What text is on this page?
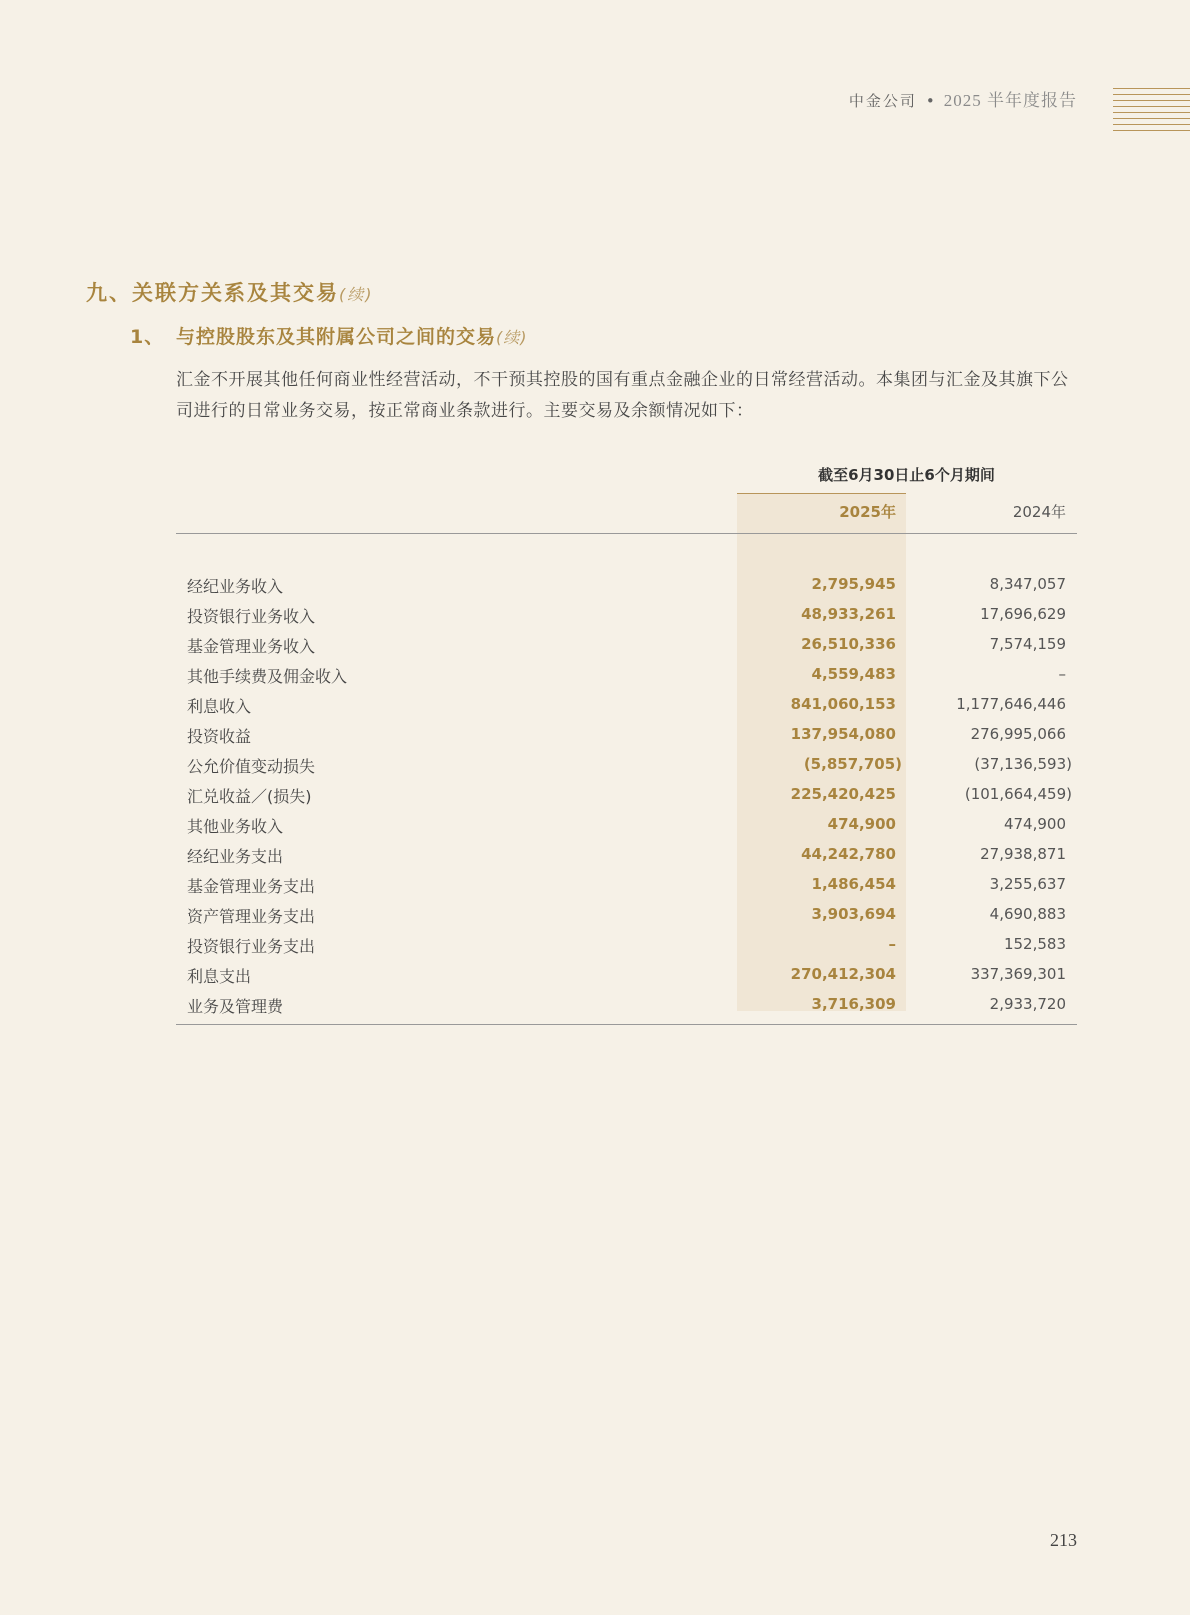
中金公司 • 2025 半年度报告
九、关联方关系及其交易(续)
1、 与控股股东及其附属公司之间的交易(续)

汇金不开展其他任何商业性经营活动，不干预其控股的国有重点金融企业的日常经营活动。本集团与汇金及其旗下公司进行的日常业务交易，按正常商业条款进行。主要交易及余额情况如下：

截至6月30日止6个月期间
2025年	2024年
经纪业务收入	2,795,945	8,347,057
投资银行业务收入	48,933,261	17,696,629
基金管理业务收入	26,510,336	7,574,159
其他手续费及佣金收入	4,559,483	–
利息收入	841,060,153	1,177,646,446
投资收益	137,954,080	276,995,066
公允价值变动损失	(5,857,705)	(37,136,593)
汇兑收益／(损失)	225,420,425	(101,664,459)
其他业务收入	474,900	474,900
经纪业务支出	44,242,780	27,938,871
基金管理业务支出	1,486,454	3,255,637
资产管理业务支出	3,903,694	4,690,883
投资银行业务支出	–	152,583
利息支出	270,412,304	337,369,301
业务及管理费	3,716,309	2,933,720
213
